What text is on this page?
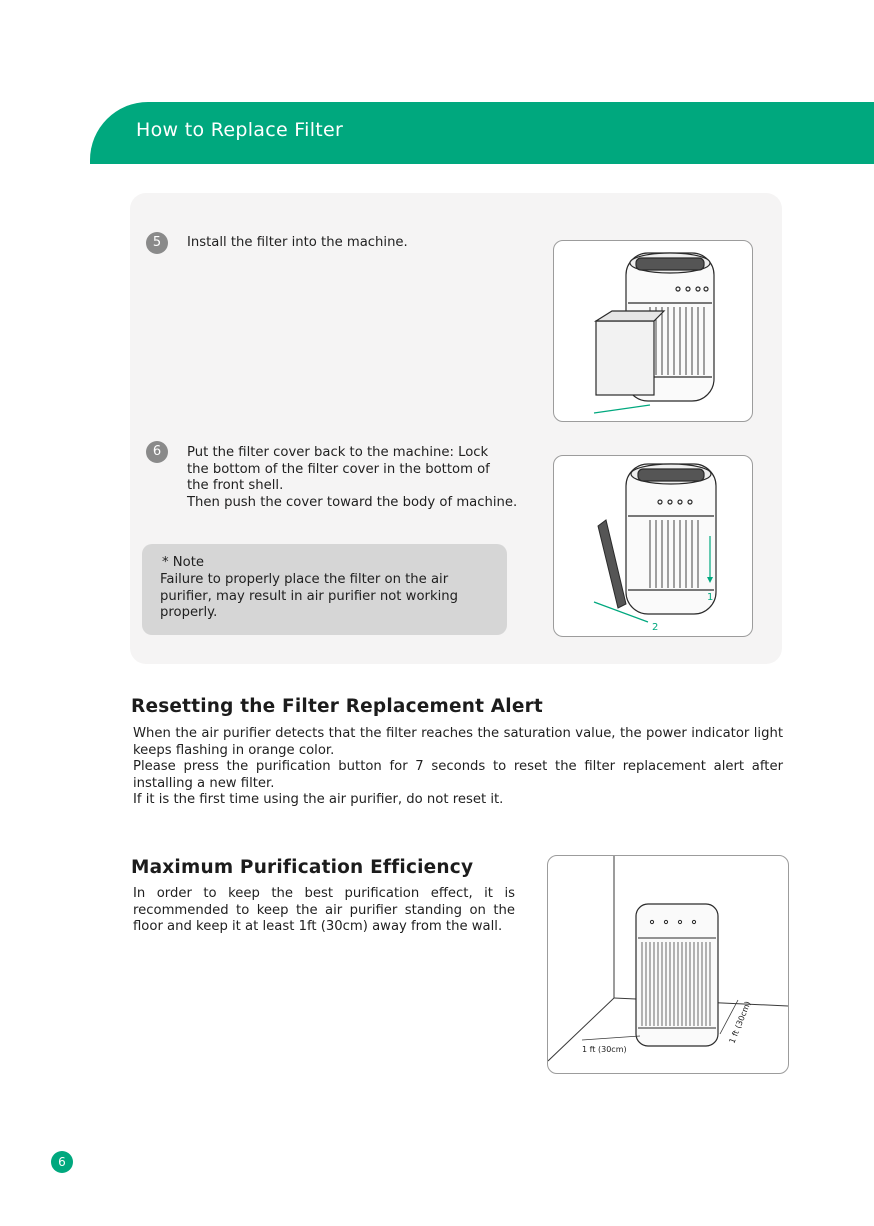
How to Replace Filter
5	Install the filter into the machine.
6	Put the filter cover back to the machine: Lock
the bottom of the filter cover in the bottom of
the front shell.
Then push the cover toward the body of machine.
* Note
Failure to properly place the filter on the air purifier, may result in air purifier not working properly.
1
2
Resetting the Filter Replacement Alert

When the air purifier detects that the filter reaches the saturation value, the power indicator light keeps flashing in orange color.

Please press the purification button for 7 seconds to reset the filter replacement alert after installing a new filter.

If it is the first time using the air purifier, do not reset it.

Maximum Purification Efficiency
In order to keep the best purification effect, it is recommended to keep the air purifier standing on the floor and keep it at least 1ft (30cm) away from the wall.
1 ft (30cm)
1 ft (30cm)
6
